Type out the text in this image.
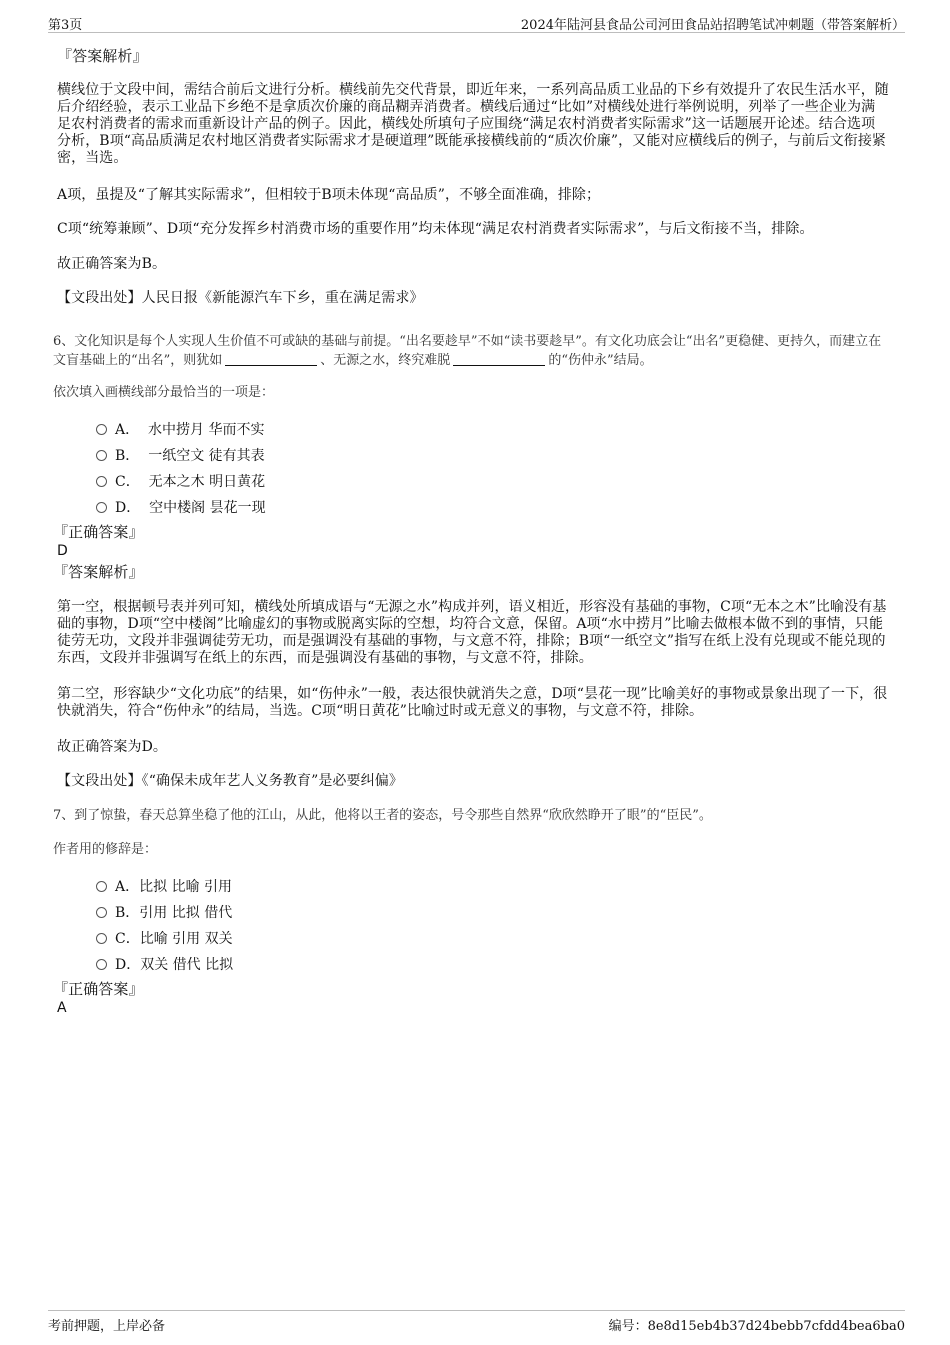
第3页	2024年陆河县食品公司河田食品站招聘笔试冲刺题（带答案解析）
『答案解析』
横线位于文段中间，需结合前后文进行分析。横线前先交代背景，即近年来，一系列高品质工业品的下乡有效提升了农民生活水平，随后介绍经验，表示工业品下乡绝不是拿质次价廉的商品糊弄消费者。横线后通过“比如”对横线处进行举例说明，列举了一些企业为满足农村消费者的需求而重新设计产品的例子。因此，横线处所填句子应围绕“满足农村消费者实际需求”这一话题展开论述。结合选项分析，B项“高品质满足农村地区消费者实际需求才是硬道理”既能承接横线前的“质次价廉”，又能对应横线后的例子，与前后文衔接紧密，当选。
A项，虽提及“了解其实际需求”，但相较于B项未体现“高品质”，不够全面准确，排除；
C项“统筹兼顾”、D项“充分发挥乡村消费市场的重要作用”均未体现“满足农村消费者实际需求”，与后文衔接不当，排除。
故正确答案为B。
【文段出处】人民日报《新能源汽车下乡，重在满足需求》
6、文化知识是每个人实现人生价值不可或缺的基础与前提。“出名要趁早”不如“读书要趁早”。有文化功底会让“出名”更稳健、更持久，而建立在文盲基础上的“出名”，则犹如	、无源之水，终究难脱	的“伤仲永”结局。
依次填入画横线部分最恰当的一项是：
A． 水中捞月 华而不实
B． 一纸空文 徒有其表
C． 无本之木 明日黄花
D． 空中楼阁 昙花一现
『正确答案』
D
『答案解析』
第一空，根据顿号表并列可知，横线处所填成语与“无源之水”构成并列，语义相近，形容没有基础的事物，C项“无本之木”比喻没有基础的事物，D项“空中楼阁”比喻虚幻的事物或脱离实际的空想，均符合文意，保留。A项“水中捞月”比喻去做根本做不到的事情，只能徒劳无功，文段并非强调徒劳无功，而是强调没有基础的事物，与文意不符，排除；B项“一纸空文”指写在纸上没有兑现或不能兑现的东西，文段并非强调写在纸上的东西，而是强调没有基础的事物，与文意不符，排除。
第二空，形容缺少“文化功底”的结果，如“伤仲永”一般，表达很快就消失之意，D项“昙花一现”比喻美好的事物或景象出现了一下，很快就消失，符合“伤仲永”的结局，当选。C项“明日黄花”比喻过时或无意义的事物，与文意不符，排除。
故正确答案为D。
【文段出处】《“确保未成年艺人义务教育”是必要纠偏》
7、到了惊蛰，春天总算坐稳了他的江山，从此，他将以王者的姿态，号令那些自然界“欣欣然睁开了眼”的“臣民”。
作者用的修辞是：
A．比拟 比喻 引用
B．引用 比拟 借代
C．比喻 引用 双关
D．双关 借代 比拟
『正确答案』
A
考前押题，上岸必备	编号：8e8d15eb4b37d24bebb7cfdd4bea6ba0
